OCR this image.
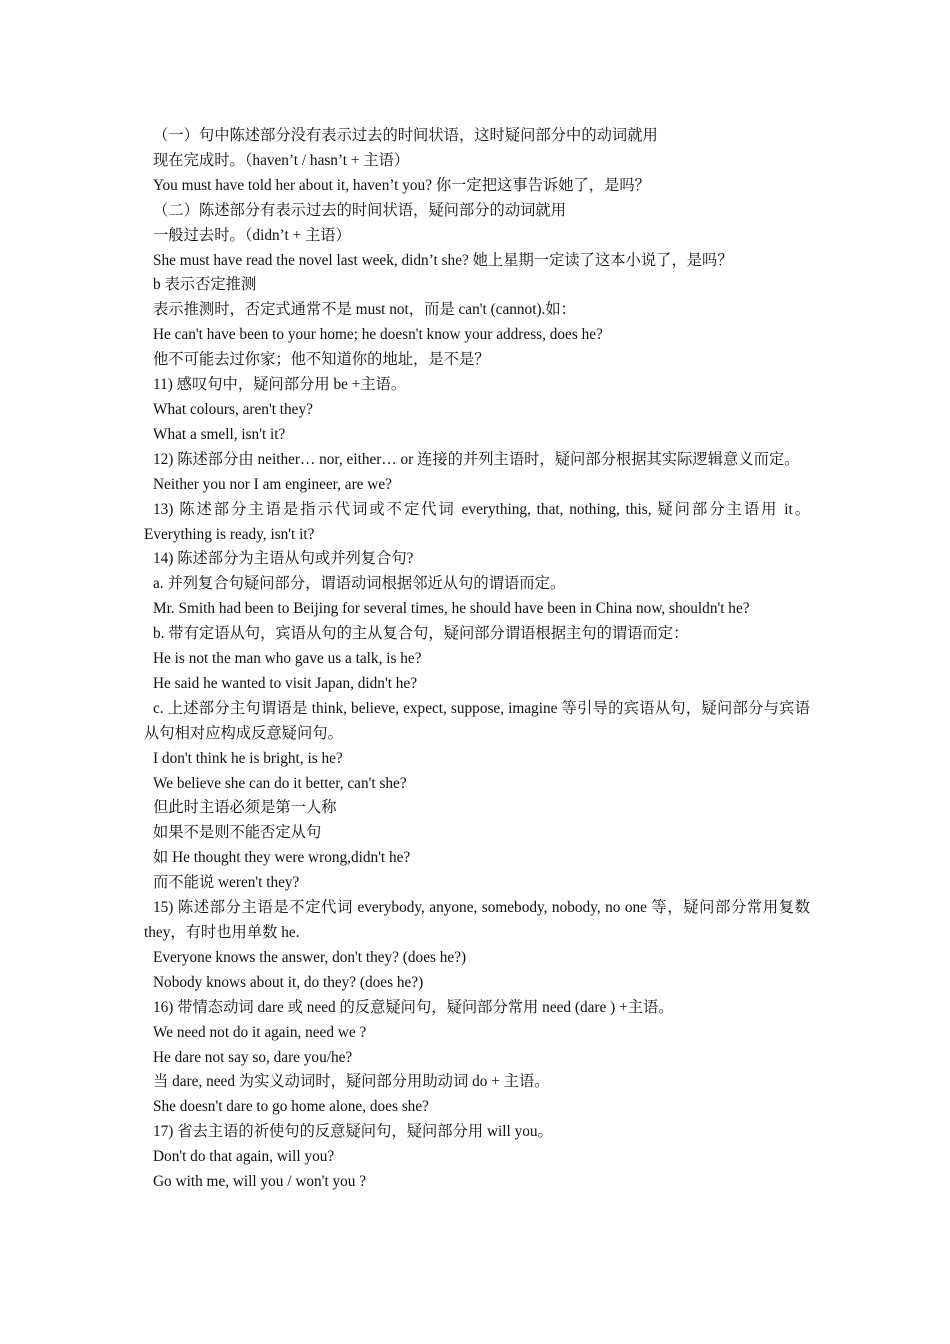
（一）句中陈述部分没有表示过去的时间状语，这时疑问部分中的动词就用
现在完成时。（haven’t / hasn’t + 主语）
You must have told her about it, haven’t you? 你一定把这事告诉她了，是吗？
（二）陈述部分有表示过去的时间状语，疑问部分的动词就用
一般过去时。（didn’t + 主语）
She must have read the novel last week, didn’t she? 她上星期一定读了这本小说了，是吗？
b 表示否定推测
表示推测时，否定式通常不是 must not，而是 can't (cannot).如：
He can't have been to your home; he doesn't know your address, does he?
他不可能去过你家；他不知道你的地址，是不是？
11) 感叹句中，疑问部分用 be +主语。
What colours, aren't they?
What a smell, isn't it?
12) 陈述部分由 neither… nor, either… or 连接的并列主语时，疑问部分根据其实际逻辑意义而定。
Neither you nor I am engineer, are we?
13) 陈述部分主语是指示代词或不定代词 everything, that, nothing, this, 疑问部分主语用 it。Everything is ready, isn't it?
14) 陈述部分为主语从句或并列复合句?
a. 并列复合句疑问部分，谓语动词根据邻近从句的谓语而定。
Mr. Smith had been to Beijing for several times, he should have been in China now, shouldn't he?
b. 带有定语从句，宾语从句的主从复合句，疑问部分谓语根据主句的谓语而定：
He is not the man who gave us a talk, is he?
He said he wanted to visit Japan, didn't he?
c. 上述部分主句谓语是 think, believe, expect, suppose, imagine 等引导的宾语从句，疑问部分与宾语从句相对应构成反意疑问句。
I don't think he is bright, is he?
We believe she can do it better, can't she?
但此时主语必须是第一人称
如果不是则不能否定从句
如 He thought they were wrong,didn't he?
而不能说 weren't they?
15) 陈述部分主语是不定代词 everybody, anyone, somebody, nobody, no one 等，疑问部分常用复数 they，有时也用单数 he.
Everyone knows the answer, don't they? (does he?)
Nobody knows about it, do they? (does he?)
16) 带情态动词 dare 或 need 的反意疑问句，疑问部分常用 need (dare ) +主语。
We need not do it again, need we ?
He dare not say so, dare you/he?
当 dare, need 为实义动词时，疑问部分用助动词 do + 主语。
She doesn't dare to go home alone, does she?
17) 省去主语的祈使句的反意疑问句，疑问部分用 will you。
Don't do that again, will you?
Go with me, will you / won't you ?
